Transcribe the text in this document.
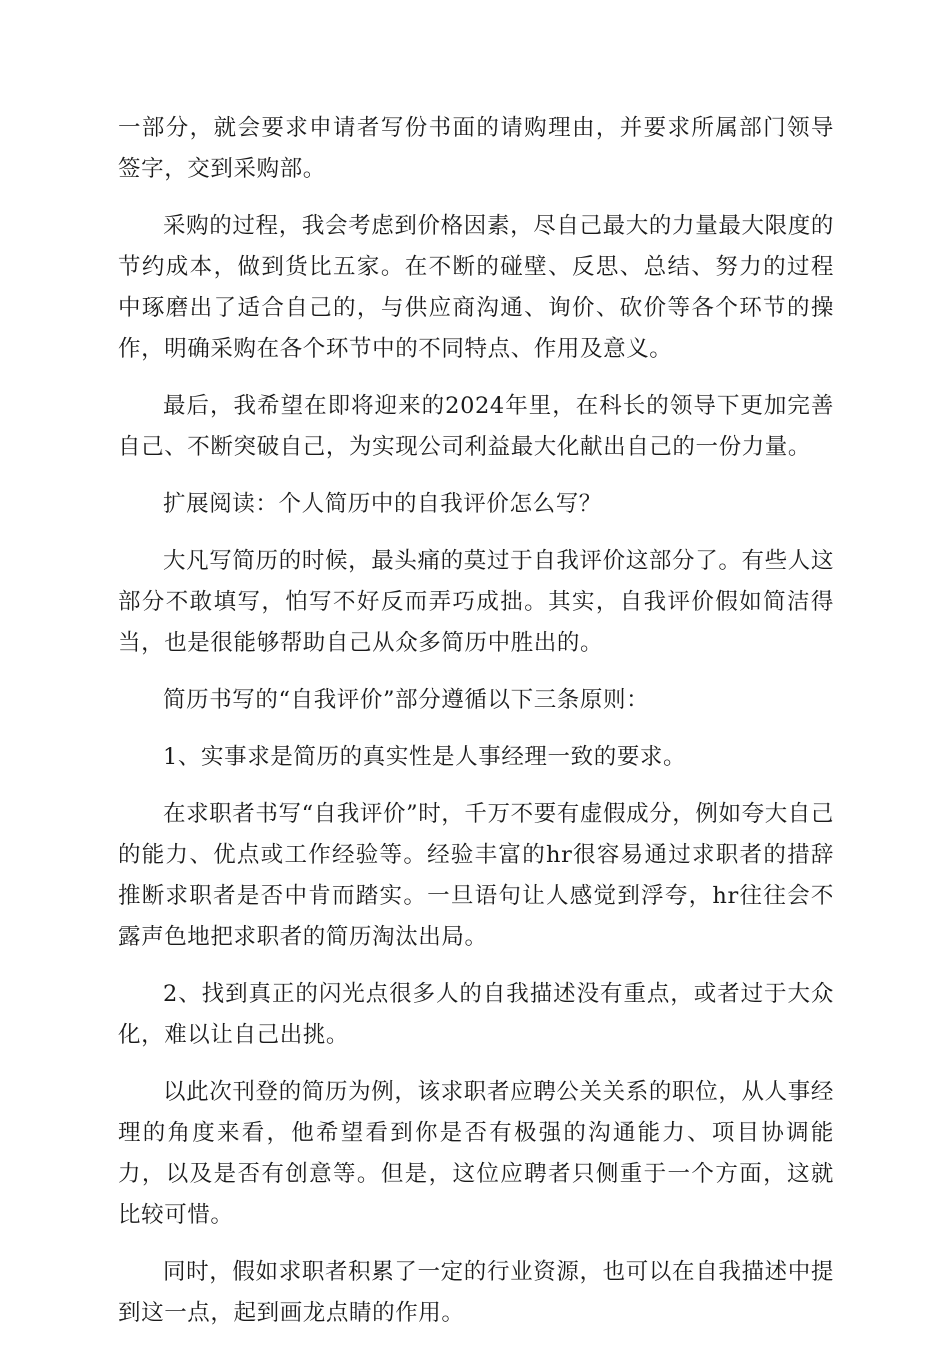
一部分，就会要求申请者写份书面的请购理由，并要求所属部门领导签字，交到采购部。

采购的过程，我会考虑到价格因素，尽自己最大的力量最大限度的节约成本，做到货比五家。在不断的碰壁、反思、总结、努力的过程中琢磨出了适合自己的，与供应商沟通、询价、砍价等各个环节的操作，明确采购在各个环节中的不同特点、作用及意义。

最后，我希望在即将迎来的2024年里，在科长的领导下更加完善自己、不断突破自己，为实现公司利益最大化献出自己的一份力量。

扩展阅读：个人简历中的自我评价怎么写？

大凡写简历的时候，最头痛的莫过于自我评价这部分了。有些人这部分不敢填写，怕写不好反而弄巧成拙。其实，自我评价假如简洁得当，也是很能够帮助自己从众多简历中胜出的。

简历书写的“自我评价”部分遵循以下三条原则：

1、实事求是简历的真实性是人事经理一致的要求。

在求职者书写“自我评价”时，千万不要有虚假成分，例如夸大自己的能力、优点或工作经验等。经验丰富的hr很容易通过求职者的措辞推断求职者是否中肯而踏实。一旦语句让人感觉到浮夸，hr往往会不露声色地把求职者的简历淘汰出局。

2、找到真正的闪光点很多人的自我描述没有重点，或者过于大众化，难以让自己出挑。

以此次刊登的简历为例，该求职者应聘公关关系的职位，从人事经理的角度来看，他希望看到你是否有极强的沟通能力、项目协调能力，以及是否有创意等。但是，这位应聘者只侧重于一个方面，这就比较可惜。

同时，假如求职者积累了一定的行业资源，也可以在自我描述中提到这一点，起到画龙点睛的作用。
